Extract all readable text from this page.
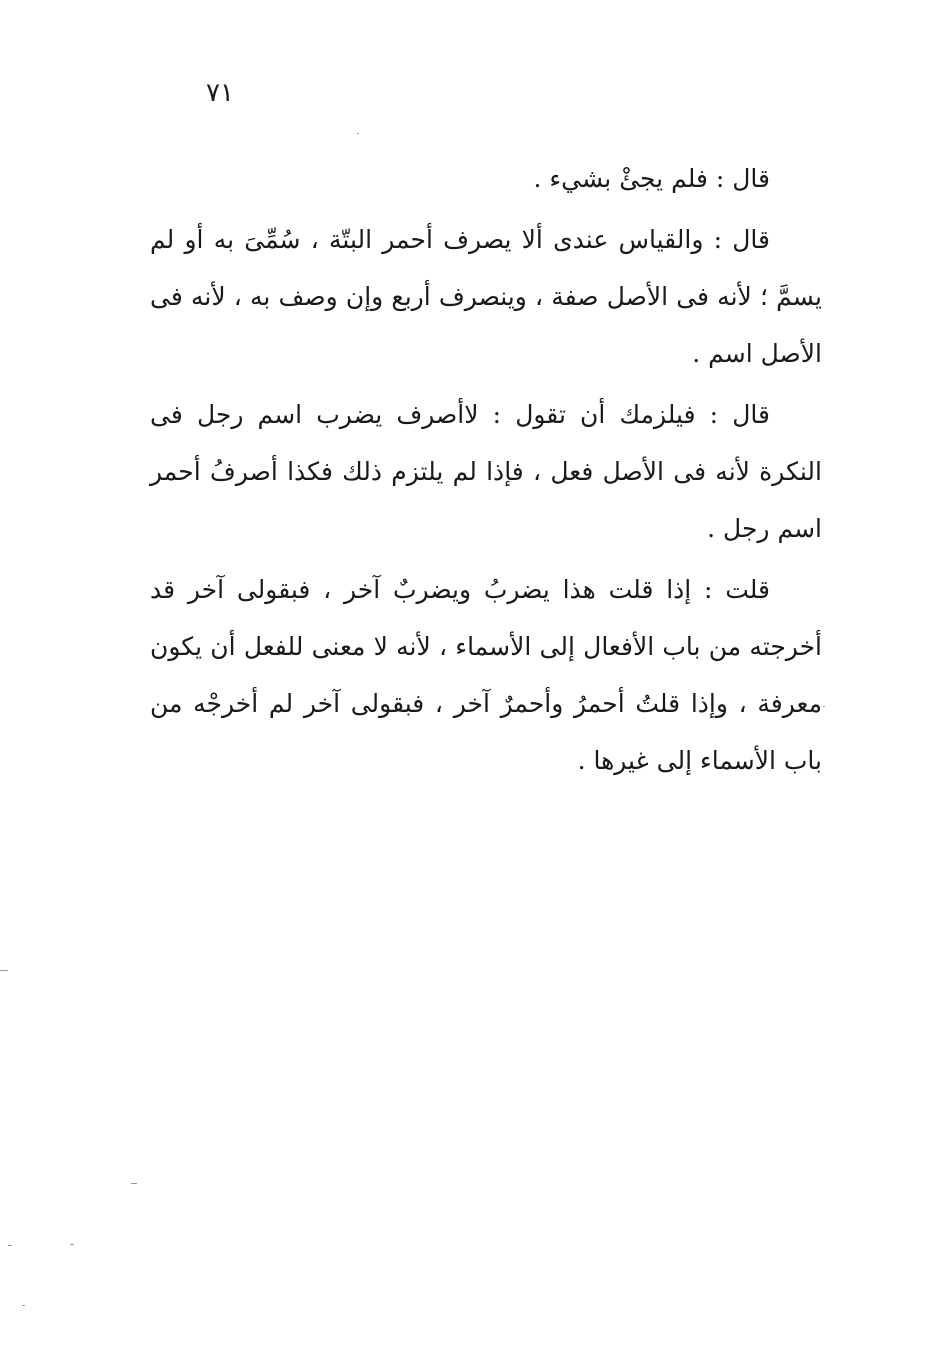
٧١

قال : فلم يجئْ بشيء .

قال : والقياس عندى ألا يصرف أحمر البتّة ، سُمِّىَ به أو لم يسمَّ ؛ لأنه فى الأصل صفة ، وينصرف أربع وإن وصف به ، لأنه فى الأصل اسم .

قال : فيلزمك أن تقول : لاأصرف يضرب اسم رجل فى النكرة لأنه فى الأصل فعل ، فإذا لم يلتزم ذلك فكذا أصرفُ أحمر اسم رجل .

قلت : إذا قلت هذا يضربُ ويضربٌ آخر ، فبقولى آخر قد أخرجته من باب الأفعال إلى الأسماء ، لأنه لا معنى للفعل أن يكون معرفة ، وإذا قلتُ أحمرُ وأحمرٌ آخر ، فبقولى آخر لم أخرجْه من باب الأسماء إلى غيرها .
